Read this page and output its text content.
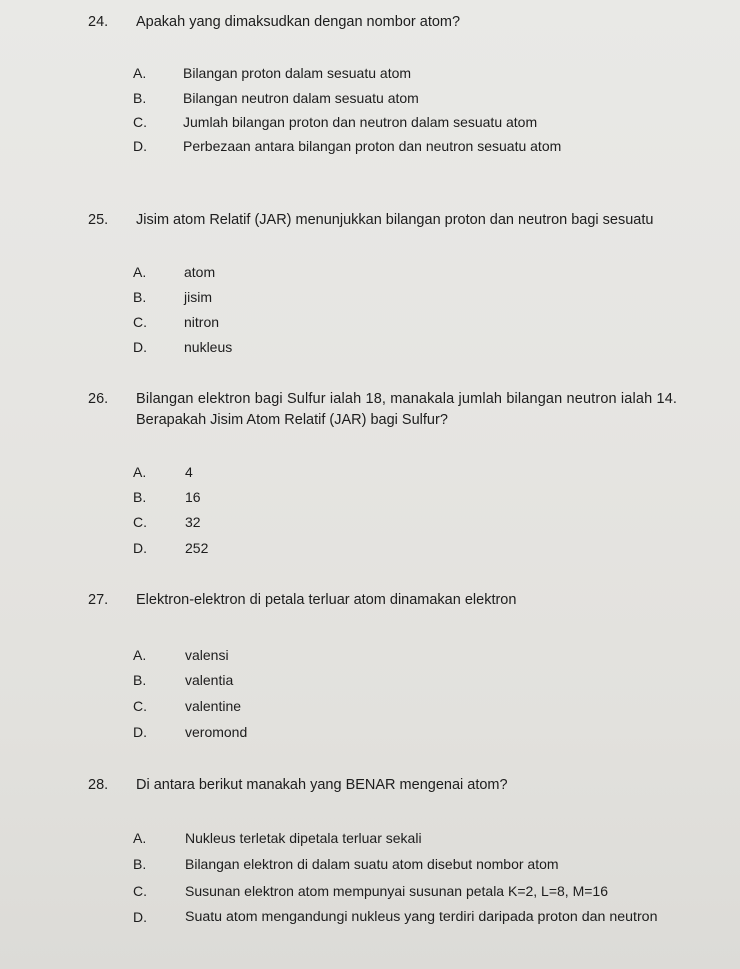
24. Apakah yang dimaksudkan dengan nombor atom?
A.	Bilangan proton dalam sesuatu atom
B.	Bilangan neutron dalam sesuatu atom
C.	Jumlah bilangan proton dan neutron dalam sesuatu atom
D.	Perbezaan antara bilangan proton dan neutron sesuatu atom
25. Jisim atom Relatif (JAR) menunjukkan bilangan proton dan neutron bagi sesuatu
A.	atom
B.	jisim
C.	nitron
D.	nukleus
26. Bilangan elektron bagi Sulfur ialah 18, manakala jumlah bilangan neutron ialah 14.
Berapakah Jisim Atom Relatif (JAR) bagi Sulfur?
A.	4
B.	16
C.	32
D.	252
27. Elektron-elektron di petala terluar atom dinamakan elektron
A.	valensi
B.	valentia
C.	valentine
D.	veromond
28. Di antara berikut manakah yang BENAR mengenai atom?
A.	Nukleus terletak dipetala terluar sekali
B.	Bilangan elektron di dalam suatu atom disebut nombor atom
C.	Susunan elektron atom mempunyai susunan petala K=2, L=8, M=16
D.	Suatu atom mengandungi nukleus yang terdiri daripada proton dan neutron
